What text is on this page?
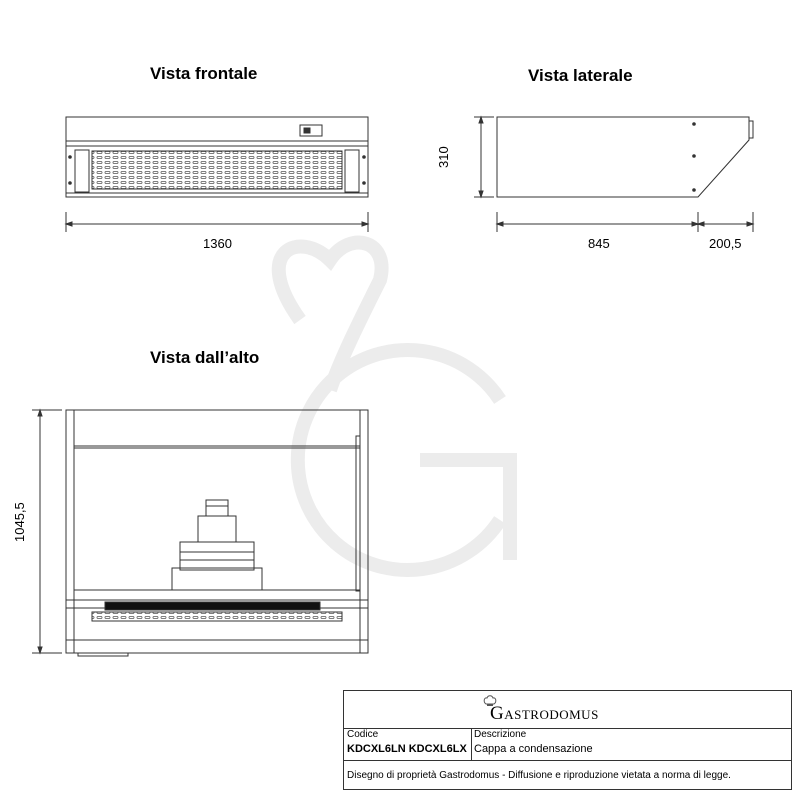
Vista frontale	Vista laterale
Vista dall’alto
1360
310
845	200,5
1045,5
Gastrodomus
Codice
KDCXL6LN KDCXL6LX
Descrizione
Cappa a condensazione
Disegno di proprietà Gastrodomus - Diffusione e riproduzione vietata a norma di legge.
